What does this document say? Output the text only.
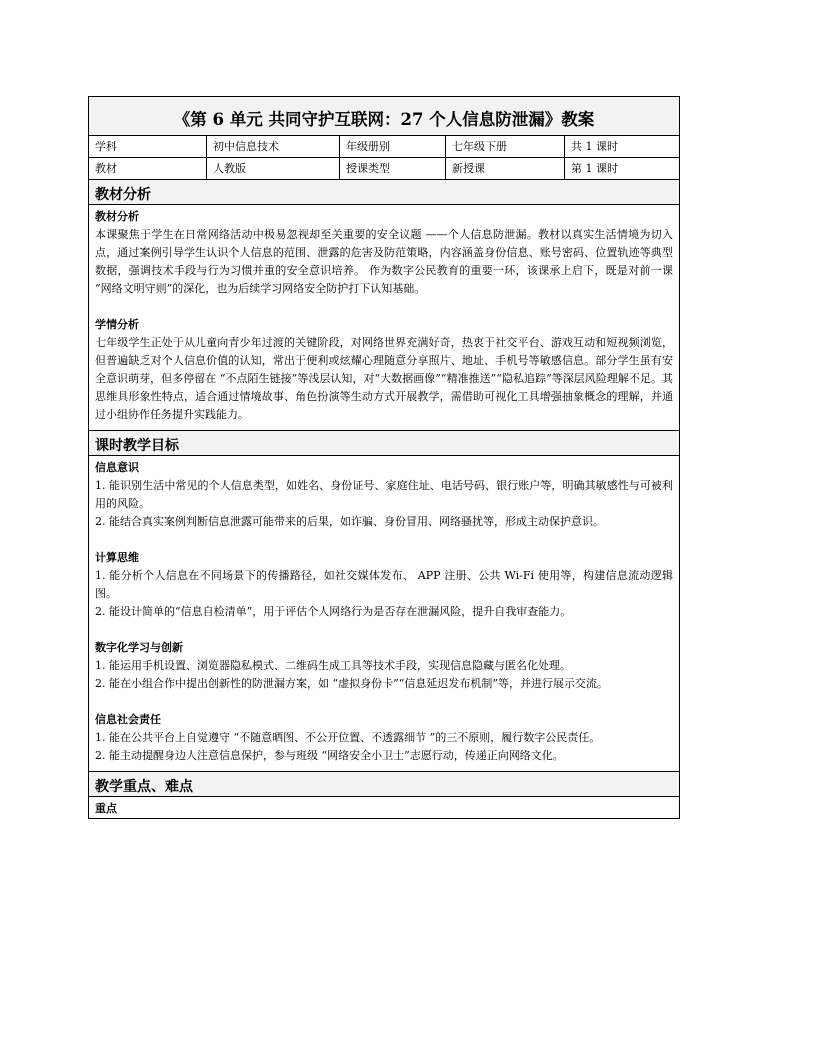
《第 6 单元 共同守护互联网：27 个人信息防泄漏》教案
学科	初中信息技术	年级册别	七年级下册	共 1 课时
教材	人教版	授课类型	新授课	第 1 课时
教材分析
教材分析

本课聚焦于学生在日常网络活动中极易忽视却至关重要的安全议题 ——个人信息防泄漏。教材以真实生活情境为切入点，通过案例引导学生认识个人信息的范围、泄露的危害及防范策略，内容涵盖身份信息、账号密码、位置轨迹等典型数据，强调技术手段与行为习惯并重的安全意识培养。 作为数字公民教育的重要一环，该课承上启下，既是对前一课 “网络文明守则”的深化，也为后续学习网络安全防护打下认知基础。

学情分析

七年级学生正处于从儿童向青少年过渡的关键阶段，对网络世界充满好奇，热衷于社交平台、游戏互动和短视频浏览，但普遍缺乏对个人信息价值的认知，常出于便利或炫耀心理随意分享照片、地址、手机号等敏感信息。部分学生虽有安全意识萌芽，但多停留在 “不点陌生链接”等浅层认知，对“大数据画像”“精准推送”“隐私追踪”等深层风险理解不足。其思维具形象性特点，适合通过情境故事、角色扮演等生动方式开展教学，需借助可视化工具增强抽象概念的理解，并通过小组协作任务提升实践能力。

课时教学目标
信息意识

1. 能识别生活中常见的个人信息类型，如姓名、身份证号、家庭住址、电话号码、银行账户等，明确其敏感性与可被利用的风险。

2. 能结合真实案例判断信息泄露可能带来的后果，如诈骗、身份冒用、网络骚扰等，形成主动保护意识。

计算思维

1. 能分析个人信息在不同场景下的传播路径，如社交媒体发布、 APP 注册、公共 Wi-Fi 使用等，构建信息流动逻辑图。

2. 能设计简单的“信息自检清单”，用于评估个人网络行为是否存在泄漏风险，提升自我审查能力。

数字化学习与创新

1. 能运用手机设置、浏览器隐私模式、二维码生成工具等技术手段，实现信息隐藏与匿名化处理。

2. 能在小组合作中提出创新性的防泄漏方案，如 “虚拟身份卡”“信息延迟发布机制”等，并进行展示交流。

信息社会责任

1. 能在公共平台上自觉遵守 “不随意晒图、不公开位置、不透露细节 ”的三不原则，履行数字公民责任。

2. 能主动提醒身边人注意信息保护，参与班级 “网络安全小卫士”志愿行动，传递正向网络文化。

教学重点、难点
重点
